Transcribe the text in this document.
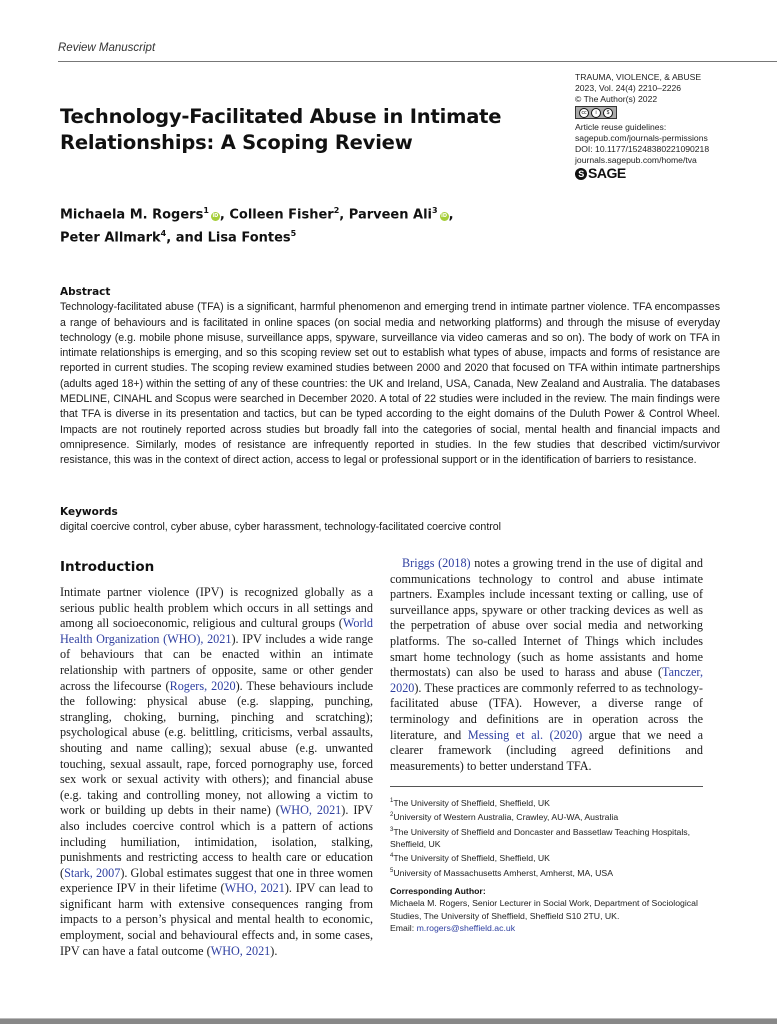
Review Manuscript
TRAUMA, VIOLENCE, & ABUSE
2023, Vol. 24(4) 2210–2226
© The Author(s) 2022
cc	i	$
Article reuse guidelines:
sagepub.com/journals-permissions
DOI: 10.1177/15248380221090218
journals.sagepub.com/home/tva
S SAGE
Technology-Facilitated Abuse in Intimate Relationships: A Scoping Review
Michaela M. Rogers$^1$iD , Colleen Fisher$^2$, Parveen Ali$^3$iD ,
Peter Allmark$^4$, and Lisa Fontes$^5$
Abstract

Technology-facilitated abuse (TFA) is a significant, harmful phenomenon and emerging trend in intimate partner violence. TFA encompasses a range of behaviours and is facilitated in online spaces (on social media and networking platforms) and through the misuse of everyday technology (e.g. mobile phone misuse, surveillance apps, spyware, surveillance via video cameras and so on). The body of work on TFA in intimate relationships is emerging, and so this scoping review set out to establish what types of abuse, impacts and forms of resistance are reported in current studies. The scoping review examined studies between 2000 and 2020 that focused on TFA within intimate partnerships (adults aged 18+) within the setting of any of these countries: the UK and Ireland, USA, Canada, New Zealand and Australia. The databases MEDLINE, CINAHL and Scopus were searched in December 2020. A total of 22 studies were included in the review. The main findings were that TFA is diverse in its presentation and tactics, but can be typed according to the eight domains of the Duluth Power & Control Wheel. Impacts are not routinely reported across studies but broadly fall into the categories of social, mental health and financial impacts and omnipresence. Similarly, modes of resistance are infrequently reported in studies. In the few studies that described victim/survivor resistance, this was in the context of direct action, access to legal or professional support or in the identification of barriers to resistance.

Keywords
digital coercive control, cyber abuse, cyber harassment, technology-facilitated coercive control
Introduction

Intimate partner violence (IPV) is recognized globally as a serious public health problem which occurs in all settings and among all socioeconomic, religious and cultural groups (World Health Organization (WHO), 2021). IPV includes a wide range of behaviours that can be enacted within an intimate relationship with partners of opposite, same or other gender across the lifecourse (Rogers, 2020). These behaviours include the following: physical abuse (e.g. slapping, punching, strangling, choking, burning, pinching and scratching); psychological abuse (e.g. belittling, criticisms, verbal assaults, shouting and name calling); sexual abuse (e.g. unwanted touching, sexual assault, rape, forced pornography use, forced sex work or sexual activity with others); and financial abuse (e.g. taking and controlling money, not allowing a victim to work or building up debts in their name) (WHO, 2021). IPV also includes coercive control which is a pattern of actions including humiliation, intimidation, isolation, stalking, punishments and restricting access to health care or education (Stark, 2007). Global estimates suggest that one in three women experience IPV in their lifetime (WHO, 2021). IPV can lead to significant harm with extensive consequences ranging from impacts to a person’s physical and mental health to economic, employment, social and behavioural effects and, in some cases, IPV can have a fatal outcome (WHO, 2021).

Briggs (2018) notes a growing trend in the use of digital and communications technology to control and abuse intimate partners. Examples include incessant texting or calling, use of surveillance apps, spyware or other tracking devices as well as the perpetration of abuse over social media and networking platforms. The so-called Internet of Things which includes smart home technology (such as home assistants and home thermostats) can also be used to harass and abuse (Tanczer, 2020). These practices are commonly referred to as technology-facilitated abuse (TFA). However, a diverse range of terminology and definitions are in operation across the literature, and Messing et al. (2020) argue that we need a clearer framework (including agreed definitions and measurements) to better understand TFA.

$^1$The University of Sheffield, Sheffield, UK
$^2$University of Western Australia, Crawley, AU-WA, Australia
$^3$The University of Sheffield and Doncaster and Bassetlaw Teaching Hospitals, Sheffield, UK
$^4$The University of Sheffield, Sheffield, UK
$^5$University of Massachusetts Amherst, Amherst, MA, USA
Corresponding Author:
Michaela M. Rogers, Senior Lecturer in Social Work, Department of Sociological Studies, The University of Sheffield, Sheffield S10 2TU, UK.
Email: m.rogers@sheffield.ac.uk
